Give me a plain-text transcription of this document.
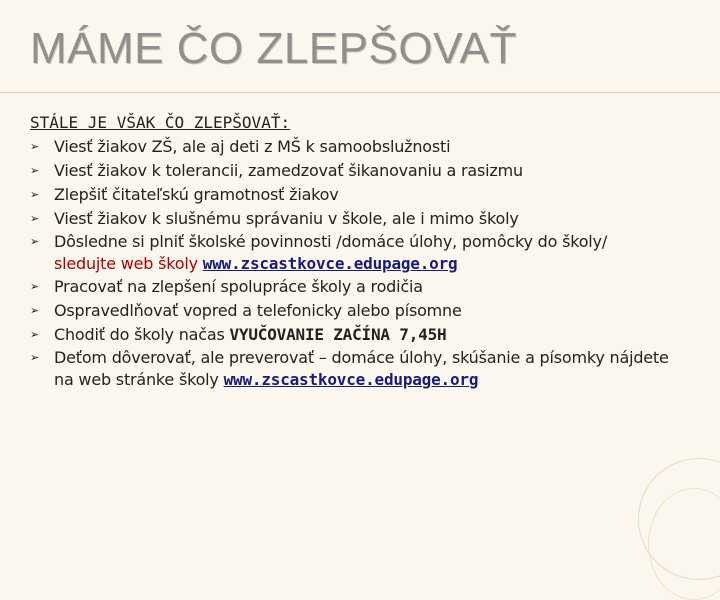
MÁME ČO ZLEPŠOVAŤ
STÁLE JE VŠAK ČO ZLEPŠOVAŤ:
➢ Viesť žiakov ZŠ, ale aj deti z MŠ k samoobslužnosti
➢ Viesť žiakov k tolerancii, zamedzovať šikanovaniu a rasizmu
➢ Zlepšiť čitateľskú gramotnosť žiakov
➢ Viesť žiakov k slušnému správaniu v škole, ale i mimo školy
➢ Dôsledne si plniť školské povinnosti /domáce úlohy, pomôcky do školy/ sledujte web školy www.zscastkovce.edupage.org
➢ Pracovať na zlepšení spolupráce školy a rodičia
➢ Ospravedlňovať vopred a telefonicky alebo písomne
➢ Chodiť do školy načas VYUČOVANIE ZAČÍNA 7,45H
➢ Deťom dôverovať, ale preverovať – domáce úlohy, skúšanie a písomky nájdete na web stránke školy www.zscastkovce.edupage.org
